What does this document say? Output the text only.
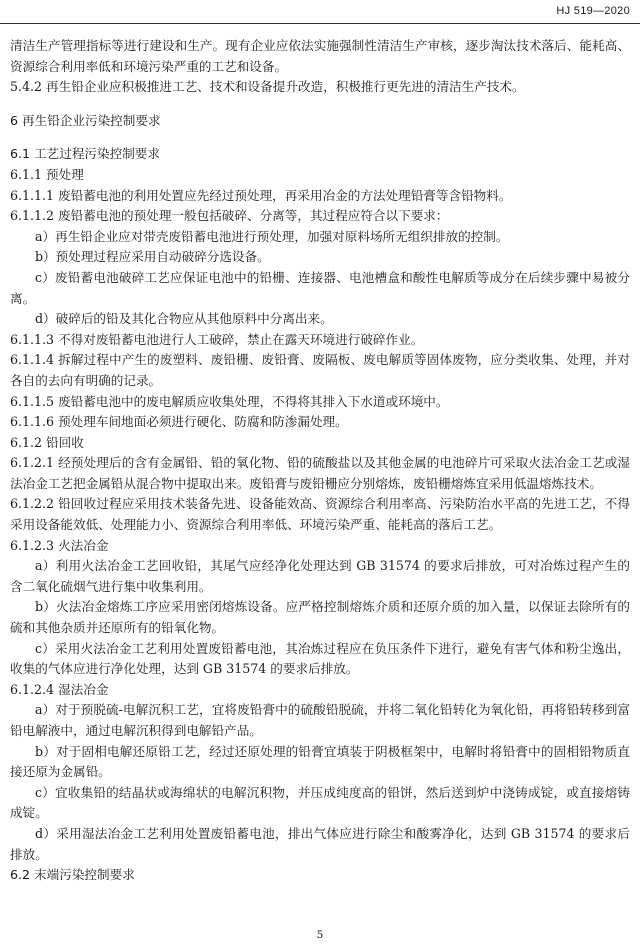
HJ 519—2020

清洁生产管理指标等进行建设和生产。现有企业应依法实施强制性清洁生产审核，逐步淘汰技术落后、能耗高、资源综合利用率低和环境污染严重的工艺和设备。

5.4.2 再生铅企业应积极推进工艺、技术和设备提升改造，积极推行更先进的清洁生产技术。

6 再生铅企业污染控制要求

6.1 工艺过程污染控制要求

6.1.1 预处理

6.1.1.1 废铅蓄电池的利用处置应先经过预处理，再采用冶金的方法处理铅膏等含铅物料。

6.1.1.2 废铅蓄电池的预处理一般包括破碎、分离等，其过程应符合以下要求：

a）再生铅企业应对带壳废铅蓄电池进行预处理，加强对原料场所无组织排放的控制。

b）预处理过程应采用自动破碎分选设备。

c）废铅蓄电池破碎工艺应保证电池中的铅栅、连接器、电池槽盒和酸性电解质等成分在后续步骤中易被分离。

d）破碎后的铅及其化合物应从其他原料中分离出来。

6.1.1.3 不得对废铅蓄电池进行人工破碎，禁止在露天环境进行破碎作业。

6.1.1.4 拆解过程中产生的废塑料、废铅栅、废铅膏、废隔板、废电解质等固体废物，应分类收集、处理，并对各自的去向有明确的记录。

6.1.1.5 废铅蓄电池中的废电解质应收集处理，不得将其排入下水道或环境中。

6.1.1.6 预处理车间地面必须进行硬化、防腐和防渗漏处理。

6.1.2 铅回收

6.1.2.1 经预处理后的含有金属铅、铅的氧化物、铅的硫酸盐以及其他金属的电池碎片可采取火法冶金工艺或湿法冶金工艺把金属铅从混合物中提取出来。废铅膏与废铅栅应分别熔炼，废铅栅熔炼宜采用低温熔炼技术。

6.1.2.2 铅回收过程应采用技术装备先进、设备能效高、资源综合利用率高、污染防治水平高的先进工艺，不得采用设备能效低、处理能力小、资源综合利用率低、环境污染严重、能耗高的落后工艺。

6.1.2.3 火法冶金

a）利用火法冶金工艺回收铅，其尾气应经净化处理达到 GB 31574 的要求后排放，可对冶炼过程产生的含二氧化硫烟气进行集中收集利用。

b）火法冶金熔炼工序应采用密闭熔炼设备。应严格控制熔炼介质和还原介质的加入量，以保证去除所有的硫和其他杂质并还原所有的铅氧化物。

c）采用火法冶金工艺利用处置废铅蓄电池，其冶炼过程应在负压条件下进行，避免有害气体和粉尘逸出，收集的气体应进行净化处理，达到 GB 31574 的要求后排放。

6.1.2.4 湿法冶金

a）对于预脱硫-电解沉积工艺，宜将废铅膏中的硫酸铅脱硫，并将二氧化铅转化为氧化铅，再将铅转移到富铅电解液中，通过电解沉积得到电解铅产品。

b）对于固相电解还原铅工艺，经过还原处理的铅膏宜填装于阴极框架中，电解时将铅膏中的固相铅物质直接还原为金属铅。

c）宜收集铅的结晶状或海绵状的电解沉积物，并压成纯度高的铅饼，然后送到炉中浇铸成锭，或直接熔铸成锭。

d）采用湿法冶金工艺利用处置废铅蓄电池，排出气体应进行除尘和酸雾净化，达到 GB 31574 的要求后排放。

6.2 末端污染控制要求

5
